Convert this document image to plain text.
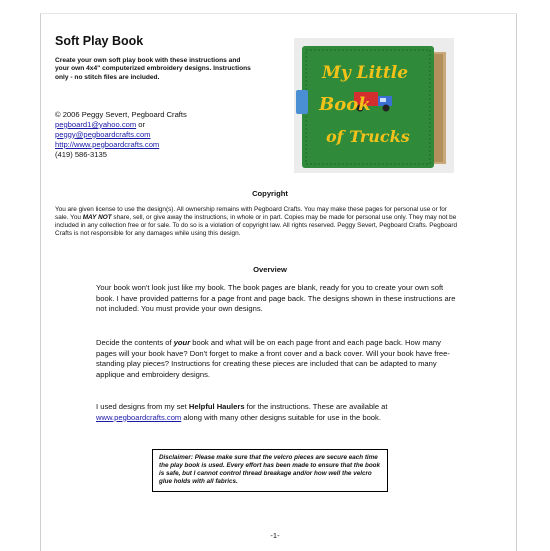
Soft Play Book
Create your own soft play book with these instructions and your own 4x4" computerized embroidery designs. Instructions only - no stitch files are included.
© 2006 Peggy Severt, Pegboard Crafts
pegboard1@yahoo.com or
peggy@pegboardcrafts.com
http://www.pegboardcrafts.com
(419) 586-3135
My Little
Book
of Trucks
Copyright
You are given license to use the design(s). All ownership remains with Pegboard Crafts. You may make these pages for personal use or for sale. You MAY NOT share, sell, or give away the instructions, in whole or in part. Copies may be made for personal use only. They may not be included in any collection free or for sale. To do so is a violation of copyright law. All rights reserved. Peggy Severt, Pegboard Crafts. Pegboard Crafts is not responsible for any damages while using this design.
Overview

Your book won't look just like my book. The book pages are blank, ready for you to create your own soft book. I have provided patterns for a page front and page back. The designs shown in these instructions are not included. You must provide your own designs.

Decide the contents of your book and what will be on each page front and each page back. How many pages will your book have? Don't forget to make a front cover and a back cover. Will your book have free-standing play pieces? Instructions for creating these pieces are included that can be adapted to many applique and embroidery designs.

I used designs from my set Helpful Haulers for the instructions. These are available at www.pegboardcrafts.com along with many other designs suitable for use in the book.

Disclaimer: Please make sure that the velcro pieces are secure each time the play book is used. Every effort has been made to ensure that the book is safe, but I cannot control thread breakage and/or how well the velcro glue holds with all fabrics.
-1-
